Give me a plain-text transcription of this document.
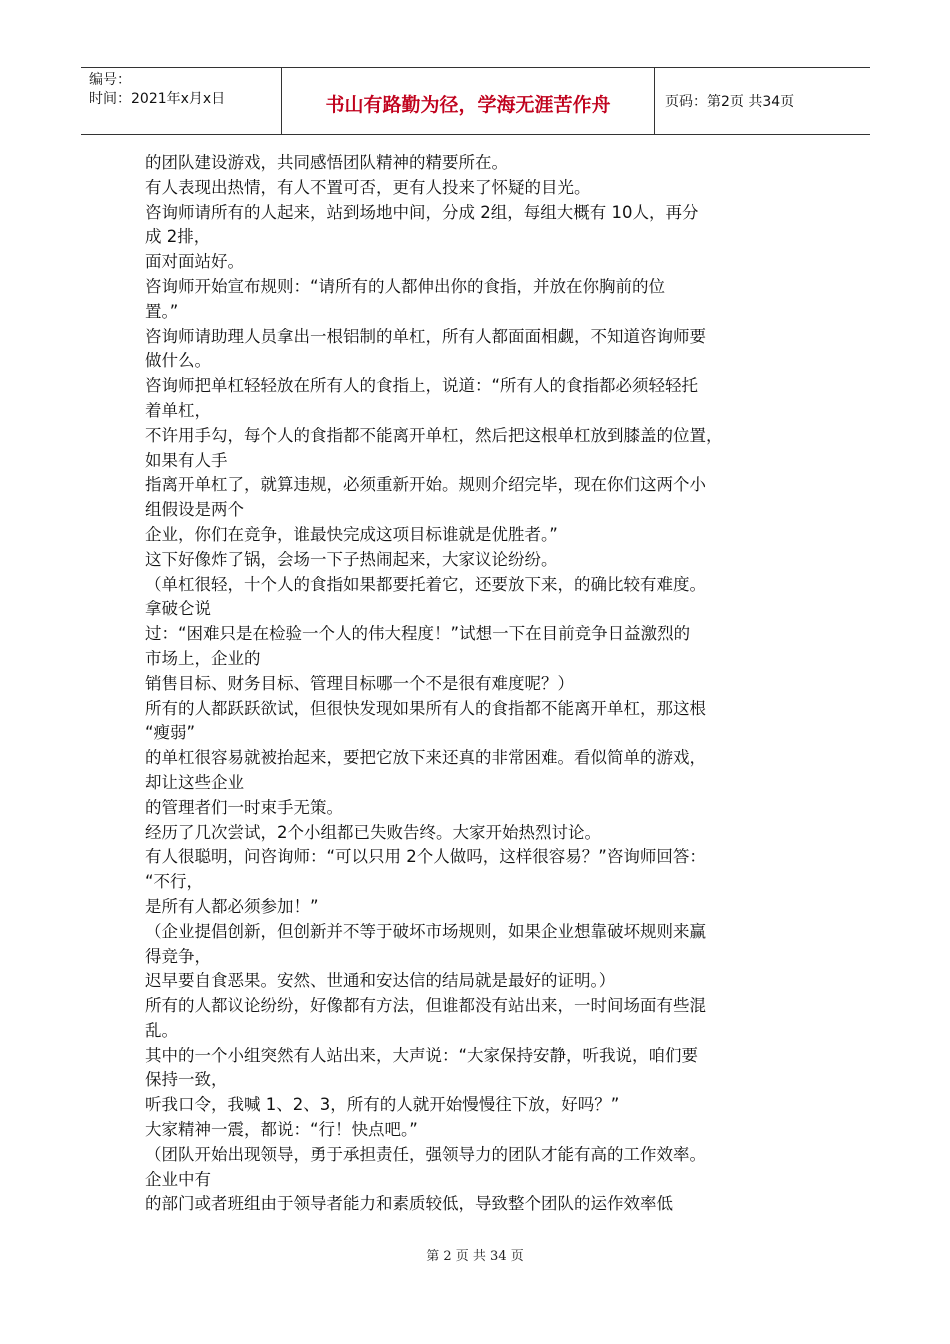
编号：
时间：2021年x月x日	书山有路勤为径，学海无涯苦作舟	页码：第2页 共34页
的团队建设游戏，共同感悟团队精神的精要所在。
有人表现出热情，有人不置可否，更有人投来了怀疑的目光。
咨询师请所有的人起来，站到场地中间，分成 2组，每组大概有 10人，再分
成 2排，
面对面站好。
咨询师开始宣布规则：“请所有的人都伸出你的食指，并放在你胸前的位
置。”
咨询师请助理人员拿出一根铝制的单杠，所有人都面面相觑，不知道咨询师要
做什么。
咨询师把单杠轻轻放在所有人的食指上，说道：“所有人的食指都必须轻轻托
着单杠，
不许用手勾，每个人的食指都不能离开单杠，然后把这根单杠放到膝盖的位置，
如果有人手
指离开单杠了，就算违规，必须重新开始。规则介绍完毕，现在你们这两个小
组假设是两个
企业，你们在竞争，谁最快完成这项目标谁就是优胜者。”
这下好像炸了锅，会场一下子热闹起来，大家议论纷纷。
（单杠很轻，十个人的食指如果都要托着它，还要放下来，的确比较有难度。
拿破仑说
过：“困难只是在检验一个人的伟大程度！”试想一下在目前竞争日益激烈的
市场上，企业的
销售目标、财务目标、管理目标哪一个不是很有难度呢？）
所有的人都跃跃欲试，但很快发现如果所有人的食指都不能离开单杠，那这根
“瘦弱”
的单杠很容易就被抬起来，要把它放下来还真的非常困难。看似简单的游戏，
却让这些企业
的管理者们一时束手无策。
经历了几次尝试，2个小组都已失败告终。大家开始热烈讨论。
有人很聪明，问咨询师：“可以只用 2个人做吗，这样很容易？”咨询师回答：
“不行，
是所有人都必须参加！”
（企业提倡创新，但创新并不等于破坏市场规则，如果企业想靠破坏规则来赢
得竞争，
迟早要自食恶果。安然、世通和安达信的结局就是最好的证明。）
所有的人都议论纷纷，好像都有方法，但谁都没有站出来，一时间场面有些混
乱。
其中的一个小组突然有人站出来，大声说：“大家保持安静，听我说，咱们要
保持一致，
听我口令，我喊 1、2、3，所有的人就开始慢慢往下放，好吗？”
大家精神一震，都说：“行！快点吧。”
（团队开始出现领导，勇于承担责任，强领导力的团队才能有高的工作效率。
企业中有
的部门或者班组由于领导者能力和素质较低，导致整个团队的运作效率低
第 2 页 共 34 页
